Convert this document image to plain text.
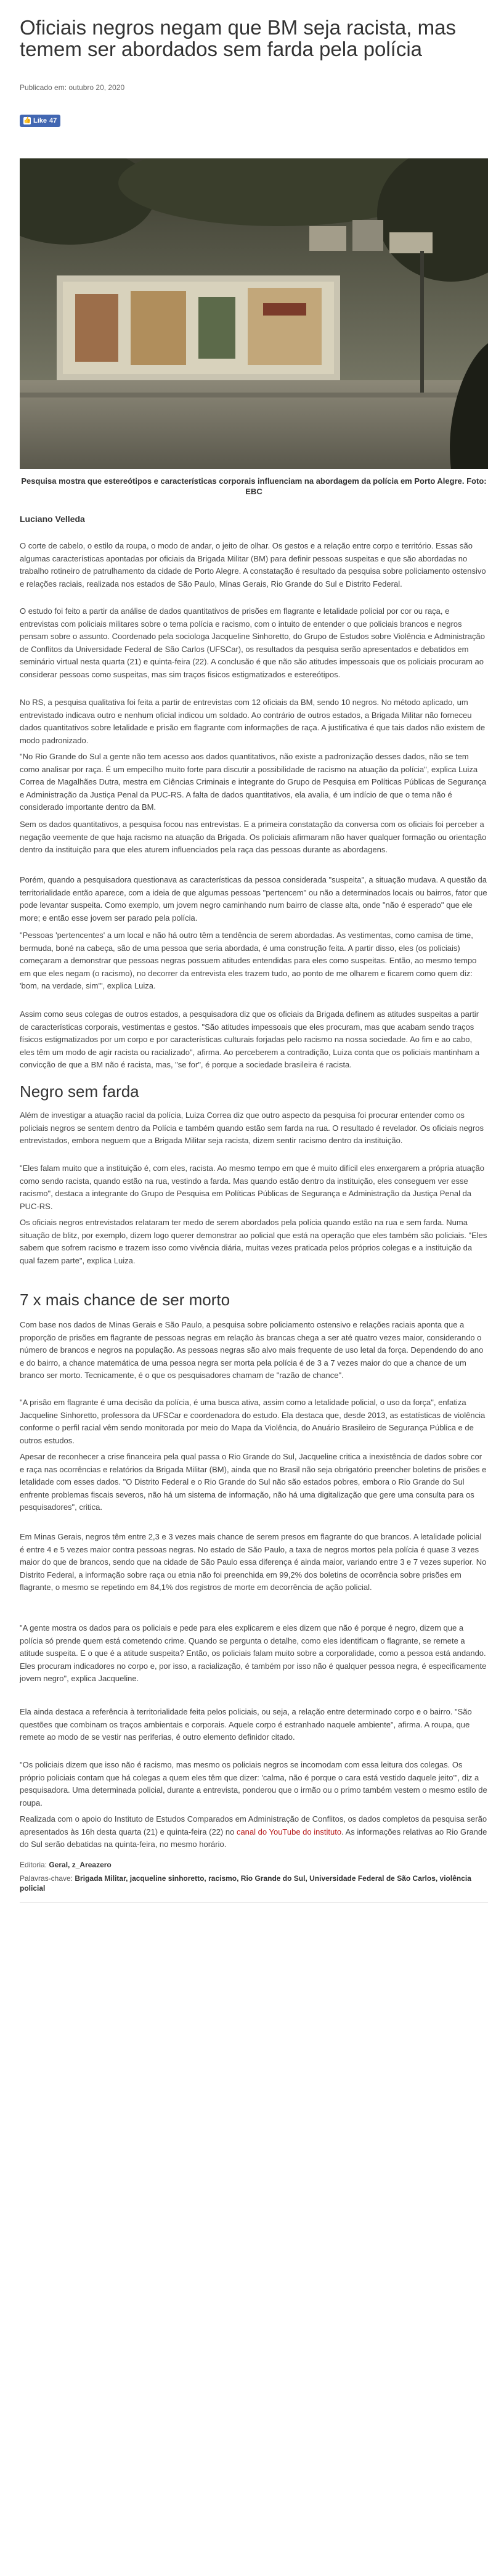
Oficiais negros negam que BM seja racista, mas temem ser abordados sem farda pela polícia
Publicado em: outubro 20, 2020
👍 Like 47
Pesquisa mostra que estereótipos e características corporais influenciam na abordagem da polícia em Porto Alegre. Foto: EBC
Luciano Velleda

O corte de cabelo, o estilo da roupa, o modo de andar, o jeito de olhar. Os gestos e a relação entre corpo e território. Essas são algumas características apontadas por oficiais da Brigada Militar (BM) para definir pessoas suspeitas e que são abordadas no trabalho rotineiro de patrulhamento da cidade de Porto Alegre. A constatação é resultado da pesquisa sobre policiamento ostensivo e relações raciais, realizada nos estados de São Paulo, Minas Gerais, Rio Grande do Sul e Distrito Federal.

O estudo foi feito a partir da análise de dados quantitativos de prisões em flagrante e letalidade policial por cor ou raça, e entrevistas com policiais militares sobre o tema polícia e racismo, com o intuito de entender o que policiais brancos e negros pensam sobre o assunto. Coordenado pela sociologa Jacqueline Sinhoretto, do Grupo de Estudos sobre Violência e Administração de Conflitos da Universidade Federal de São Carlos (UFSCar), os resultados da pesquisa serão apresentados e debatidos em seminário virtual nesta quarta (21) e quinta-feira (22). A conclusão é que não são atitudes impessoais que os policiais procuram ao considerar pessoas como suspeitas, mas sim traços fisicos estigmatizados e estereótipos.

No RS, a pesquisa qualitativa foi feita a partir de entrevistas com 12 oficiais da BM, sendo 10 negros. No método aplicado, um entrevistado indicava outro e nenhum oficial indicou um soldado. Ao contrário de outros estados, a Brigada Militar não forneceu dados quantitativos sobre letalidade e prisão em flagrante com informações de raça. A justificativa é que tais dados não existem de modo padronizado.

"No Rio Grande do Sul a gente não tem acesso aos dados quantitativos, não existe a padronização desses dados, não se tem como analisar por raça. É um empecilho muito forte para discutir a possibilidade de racismo na atuação da polícia", explica Luiza Correa de Magalhães Dutra, mestra em Ciências Criminais e integrante do Grupo de Pesquisa em Políticas Públicas de Segurança e Administração da Justiça Penal da PUC-RS. A falta de dados quantitativos, ela avalia, é um indício de que o tema não é considerado importante dentro da BM.

Sem os dados quantitativos, a pesquisa focou nas entrevistas. E a primeira constatação da conversa com os oficiais foi perceber a negação veemente de que haja racismo na atuação da Brigada. Os policiais afirmaram não haver qualquer formação ou orientação dentro da instituição para que eles aturem influenciados pela raça das pessoas durante as abordagens.

Porém, quando a pesquisadora questionava as características da pessoa considerada "suspeita", a situação mudava. A questão da territorialidade então aparece, com a ideia de que algumas pessoas "pertencem" ou não a determinados locais ou bairros, fator que pode levantar suspeita. Como exemplo, um jovem negro caminhando num bairro de classe alta, onde "não é esperado" que ele more; e então esse jovem ser parado pela polícia.

"Pessoas 'pertencentes' a um local e não há outro têm a tendência de serem abordadas. As vestimentas, como camisa de time, bermuda, boné na cabeça, são de uma pessoa que seria abordada, é uma construção feita. A partir disso, eles (os policiais) começaram a demonstrar que pessoas negras possuem atitudes entendidas para eles como suspeitas. Então, ao mesmo tempo em que eles negam (o racismo), no decorrer da entrevista eles trazem tudo, ao ponto de me olharem e ficarem como quem diz: 'bom, na verdade, sim'", explica Luiza.

Assim como seus colegas de outros estados, a pesquisadora diz que os oficiais da Brigada definem as atitudes suspeitas a partir de características corporais, vestimentas e gestos. "São atitudes impessoais que eles procuram, mas que acabam sendo traços físicos estigmatizados por um corpo e por características culturais forjadas pelo racismo na nossa sociedade. Ao fim e ao cabo, eles têm um modo de agir racista ou racializado", afirma. Ao perceberem a contradição, Luiza conta que os policiais mantinham a convicção de que a BM não é racista, mas, "se for", é porque a sociedade brasileira é racista.

Negro sem farda

Além de investigar a atuação racial da polícia, Luiza Correa diz que outro aspecto da pesquisa foi procurar entender como os policiais negros se sentem dentro da Polícia e também quando estão sem farda na rua. O resultado é revelador. Os oficiais negros entrevistados, embora neguem que a Brigada Militar seja racista, dizem sentir racismo dentro da instituição.

"Eles falam muito que a instituição é, com eles, racista. Ao mesmo tempo em que é muito difícil eles enxergarem a própria atuação como sendo racista, quando estão na rua, vestindo a farda. Mas quando estão dentro da instituição, eles conseguem ver esse racismo", destaca a integrante do Grupo de Pesquisa em Políticas Públicas de Segurança e Administração da Justiça Penal da PUC-RS.

Os oficiais negros entrevistados relataram ter medo de serem abordados pela polícia quando estão na rua e sem farda. Numa situação de blitz, por exemplo, dizem logo querer demonstrar ao policial que está na operação que eles também são policiais. "Eles sabem que sofrem racismo e trazem isso como vivência diária, muitas vezes praticada pelos próprios colegas e a instituição da qual fazem parte", explica Luiza.

7 x mais chance de ser morto

Com base nos dados de Minas Gerais e São Paulo, a pesquisa sobre policiamento ostensivo e relações raciais aponta que a proporção de prisões em flagrante de pessoas negras em relação às brancas chega a ser até quatro vezes maior, considerando o número de brancos e negros na população. As pessoas negras são alvo mais frequente de uso letal da força. Dependendo do ano e do bairro, a chance matemática de uma pessoa negra ser morta pela polícia é de 3 a 7 vezes maior do que a chance de um branco ser morto. Tecnicamente, é o que os pesquisadores chamam de "razão de chance".

"A prisão em flagrante é uma decisão da polícia, é uma busca ativa, assim como a letalidade policial, o uso da força", enfatiza Jacqueline Sinhoretto, professora da UFSCar e coordenadora do estudo. Ela destaca que, desde 2013, as estatísticas de violência conforme o perfil racial vêm sendo monitorada por meio do Mapa da Violência, do Anuário Brasileiro de Segurança Pública e de outros estudos.

Apesar de reconhecer a crise financeira pela qual passa o Rio Grande do Sul, Jacqueline critica a inexistência de dados sobre cor e raça nas ocorrências e relatórios da Brigada Militar (BM), ainda que no Brasil não seja obrigatório preencher boletins de prisões e letalidade com esses dados. "O Distrito Federal e o Rio Grande do Sul não são estados pobres, embora o Rio Grande do Sul enfrente problemas fiscais severos, não há um sistema de informação, não há uma digitalização que gere uma consulta para os pesquisadores", critica.

Em Minas Gerais, negros têm entre 2,3 e 3 vezes mais chance de serem presos em flagrante do que brancos. A letalidade policial é entre 4 e 5 vezes maior contra pessoas negras. No estado de São Paulo, a taxa de negros mortos pela polícia é quase 3 vezes maior do que de brancos, sendo que na cidade de São Paulo essa diferença é ainda maior, variando entre 3 e 7 vezes superior. No Distrito Federal, a informação sobre raça ou etnia não foi preenchida em 99,2% dos boletins de ocorrência sobre prisões em flagrante, o mesmo se repetindo em 84,1% dos registros de morte em decorrência de ação policial.

"A gente mostra os dados para os policiais e pede para eles explicarem e eles dizem que não é porque é negro, dizem que a polícia só prende quem está cometendo crime. Quando se pergunta o detalhe, como eles identificam o flagrante, se remete a atitude suspeita. E o que é a atitude suspeita? Então, os policiais falam muito sobre a corporalidade, como a pessoa está andando. Eles procuram indicadores no corpo e, por isso, a racialização, é também por isso não é qualquer pessoa negra, é especificamente jovem negro", explica Jacqueline.

Ela ainda destaca a referência à territorialidade feita pelos policiais, ou seja, a relação entre determinado corpo e o bairro. "São questões que combinam os traços ambientais e corporais. Aquele corpo é estranhado naquele ambiente", afirma. A roupa, que remete ao modo de se vestir nas periferias, é outro elemento definidor citado.

"Os policiais dizem que isso não é racismo, mas mesmo os policiais negros se incomodam com essa leitura dos colegas. Os próprio policiais contam que há colegas a quem eles têm que dizer: 'calma, não é porque o cara está vestido daquele jeito'", diz a pesquisadora. Uma determinada policial, durante a entrevista, ponderou que o irmão ou o primo também vestem o mesmo estilo de roupa.

Realizada com o apoio do Instituto de Estudos Comparados em Administração de Conflitos, os dados completos da pesquisa serão apresentados às 16h desta quarta (21) e quinta-feira (22) no canal do YouTube do instituto. As informações relativas ao Rio Grande do Sul serão debatidas na quinta-feira, no mesmo horário.

Editoria: Geral, z_Areazero
Palavras-chave: Brigada Militar, jacqueline sinhoretto, racismo, Rio Grande do Sul, Universidade Federal de São Carlos, violência policial
